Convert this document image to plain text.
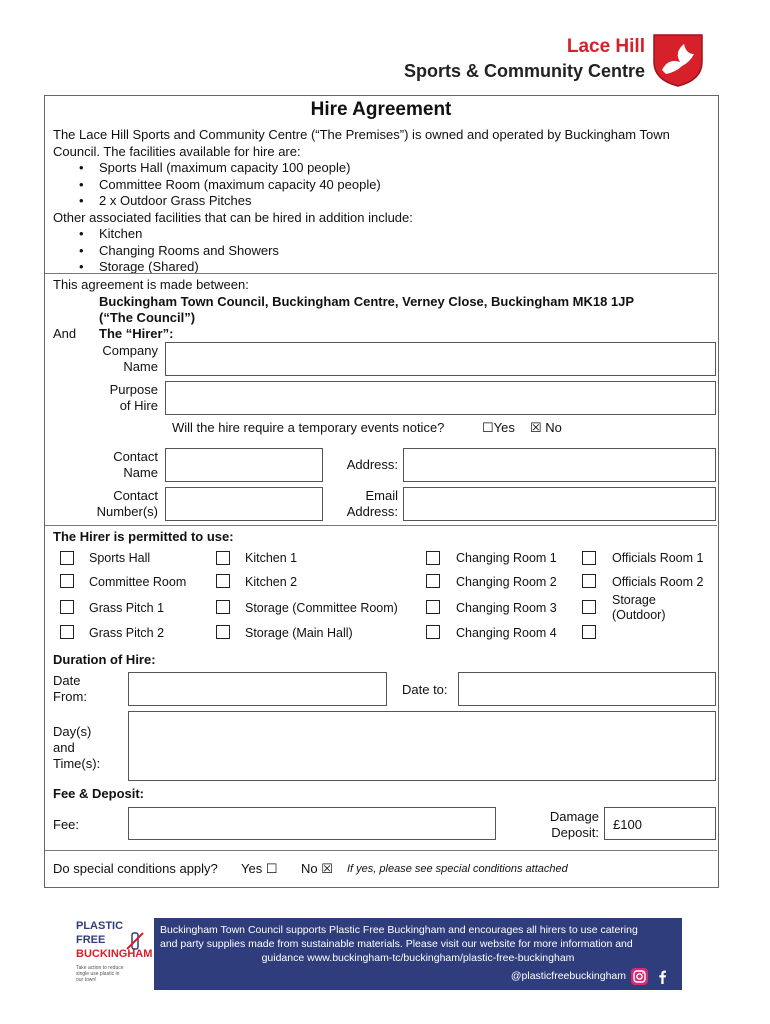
Lace Hill
Sports & Community Centre
Hire Agreement
The Lace Hill Sports and Community Centre (“The Premises”) is owned and operated by Buckingham Town Council. The facilities available for hire are:
• Sports Hall (maximum capacity 100 people)
• Committee Room (maximum capacity 40 people)
• 2 x Outdoor Grass Pitches
Other associated facilities that can be hired in addition include:
• Kitchen
• Changing Rooms and Showers
• Storage (Shared)
This agreement is made between:
Buckingham Town Council, Buckingham Centre, Verney Close, Buckingham MK18 1JP
(“The Council”)
And The “Hirer”:
Company
Name
Purpose
of Hire
Will the hire require a temporary events notice?	☐Yes ☒ No
Contact
Name
Address:
Contact
Number(s)
Email
Address:
The Hirer is permitted to use:
Sports Hall
Committee Room
Grass Pitch 1
Grass Pitch 2
Kitchen 1
Kitchen 2
Storage (Committee Room)
Storage (Main Hall)
Changing Room 1
Changing Room 2
Changing Room 3
Changing Room 4
Officials Room 1
Officials Room 2
Storage
(Outdoor)
Duration of Hire:
Date
From:	Date to:
Day(s)
and
Time(s):
Fee & Deposit:
Fee:
Damage
Deposit:
£100
Do special conditions apply? Yes ☐ No ☒ If yes, please see special conditions attached
PLASTIC
FREE
BUCKINGHAM
Take action to reduce single use plastic in our town!
Buckingham Town Council supports Plastic Free Buckingham and encourages all hirers to use catering
and party supplies made from sustainable materials. Please visit our website for more information and
guidance www.buckingham-tc/buckingham/plastic-free-buckingham
@plasticfreebuckingham
